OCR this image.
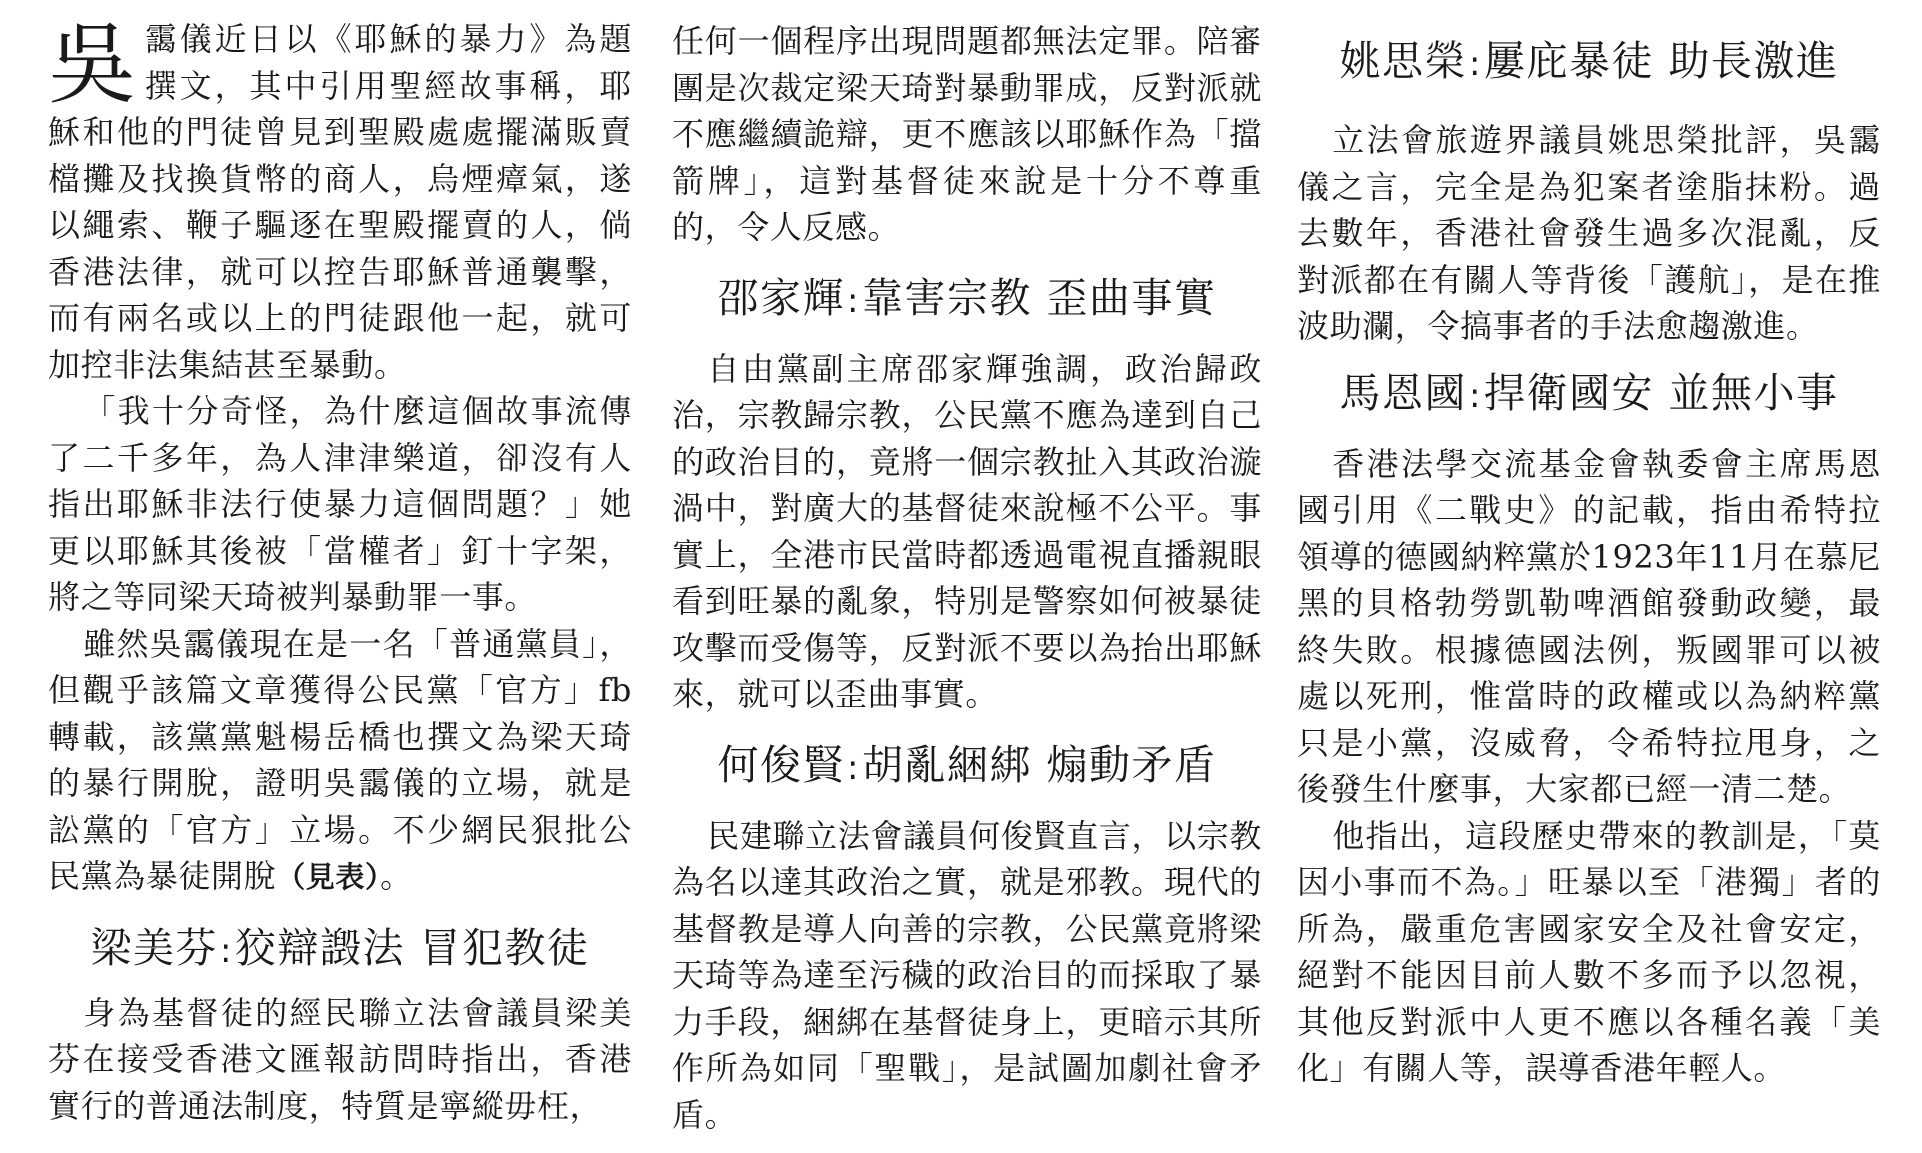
吳靄儀近日以《耶穌的暴力》為題撰文，其中引用聖經故事稱，耶穌和他的門徒曾見到聖殿處處擺滿販賣檔攤及找換貨幣的商人，烏煙瘴氣，遂以繩索、鞭子驅逐在聖殿擺賣的人，倘香港法律，就可以控告耶穌普通襲擊，而有兩名或以上的門徒跟他一起，就可加控非法集結甚至暴動。

「我十分奇怪，為什麼這個故事流傳了二千多年，為人津津樂道，卻沒有人指出耶穌非法行使暴力這個問題？」她更以耶穌其後被「當權者」釘十字架，將之等同梁天琦被判暴動罪一事。

雖然吳靄儀現在是一名「普通黨員」，但觀乎該篇文章獲得公民黨「官方」fb轉載，該黨黨魁楊岳橋也撰文為梁天琦的暴行開脫，證明吳靄儀的立場，就是訟黨的「官方」立場。不少網民狠批公民黨為暴徒開脫（見表）。

梁美芬:狡辯譭法 冒犯教徒

身為基督徒的經民聯立法會議員梁美芬在接受香港文匯報訪問時指出，香港實行的普通法制度，特質是寧縱毋枉，

任何一個程序出現問題都無法定罪。陪審團是次裁定梁天琦對暴動罪成，反對派就不應繼續詭辯，更不應該以耶穌作為「擋箭牌」，這對基督徒來說是十分不尊重的，令人反感。

邵家輝:靠害宗教 歪曲事實

自由黨副主席邵家輝強調，政治歸政治，宗教歸宗教，公民黨不應為達到自己的政治目的，竟將一個宗教扯入其政治漩渦中，對廣大的基督徒來說極不公平。事實上，全港市民當時都透過電視直播親眼看到旺暴的亂象，特別是警察如何被暴徒攻擊而受傷等，反對派不要以為抬出耶穌來，就可以歪曲事實。

何俊賢:胡亂綑綁 煽動矛盾

民建聯立法會議員何俊賢直言，以宗教為名以達其政治之實，就是邪教。現代的基督教是導人向善的宗教，公民黨竟將梁天琦等為達至污穢的政治目的而採取了暴力手段，綑綁在基督徒身上，更暗示其所作所為如同「聖戰」，是試圖加劇社會矛盾。

姚思榮:屢庇暴徒 助長激進

立法會旅遊界議員姚思榮批評，吳靄儀之言，完全是為犯案者塗脂抹粉。過去數年，香港社會發生過多次混亂，反對派都在有關人等背後「護航」，是在推波助瀾，令搞事者的手法愈趨激進。

馬恩國:捍衛國安 並無小事

香港法學交流基金會執委會主席馬恩國引用《二戰史》的記載，指由希特拉領導的德國納粹黨於1923年11月在慕尼黑的貝格勃勞凱勒啤酒館發動政變，最終失敗。根據德國法例，叛國罪可以被處以死刑，惟當時的政權或以為納粹黨只是小黨，沒威脅，令希特拉甩身，之後發生什麼事，大家都已經一清二楚。

他指出，這段歷史帶來的教訓是，「莫因小事而不為。」旺暴以至「港獨」者的所為，嚴重危害國家安全及社會安定，絕對不能因目前人數不多而予以忽視，其他反對派中人更不應以各種名義「美化」有關人等，誤導香港年輕人。
